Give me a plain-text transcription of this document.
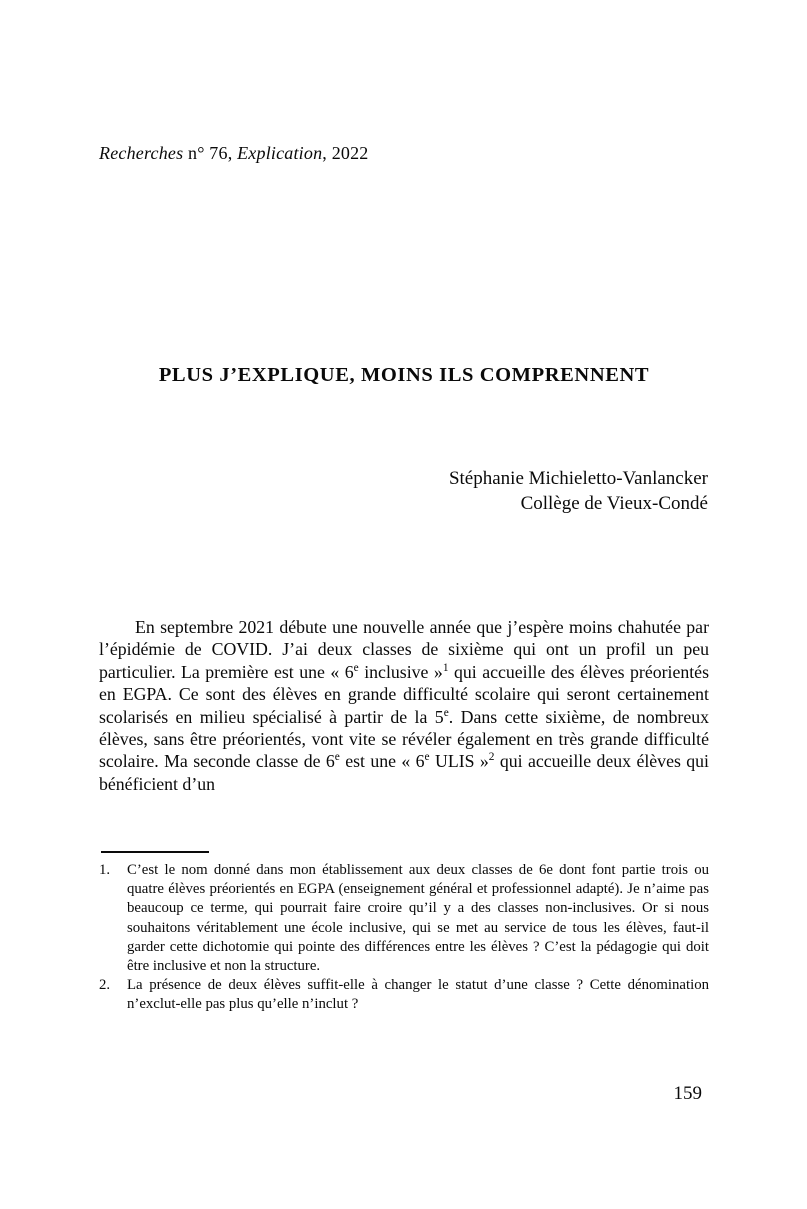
Recherches n° 76, Explication, 2022
PLUS J’EXPLIQUE, MOINS ILS COMPRENNENT
Stéphanie Michieletto-Vanlancker
Collège de Vieux-Condé

En septembre 2021 débute une nouvelle année que j’espère moins chahutée par l’épidémie de COVID. J’ai deux classes de sixième qui ont un profil un peu particulier. La première est une « 6e inclusive »$^1$ qui accueille des élèves préorientés en EGPA. Ce sont des élèves en grande difficulté scolaire qui seront certainement scolarisés en milieu spécialisé à partir de la 5e. Dans cette sixième, de nombreux élèves, sans être préorientés, vont vite se révéler également en très grande difficulté scolaire. Ma seconde classe de 6e est une « 6e ULIS »$^2$ qui accueille deux élèves qui bénéficient d’un

1.	C’est le nom donné dans mon établissement aux deux classes de 6e dont font partie trois ou quatre élèves préorientés en EGPA (enseignement général et professionnel adapté). Je n’aime pas beaucoup ce terme, qui pourrait faire croire qu’il y a des classes non-inclusives. Or si nous souhaitons véritablement une école inclusive, qui se met au service de tous les élèves, faut-il garder cette dichotomie qui pointe des différences entre les élèves ? C’est la pédagogie qui doit être inclusive et non la structure.
2.	La présence de deux élèves suffit-elle à changer le statut d’une classe ? Cette dénomination n’exclut-elle pas plus qu’elle n’inclut ?
159
